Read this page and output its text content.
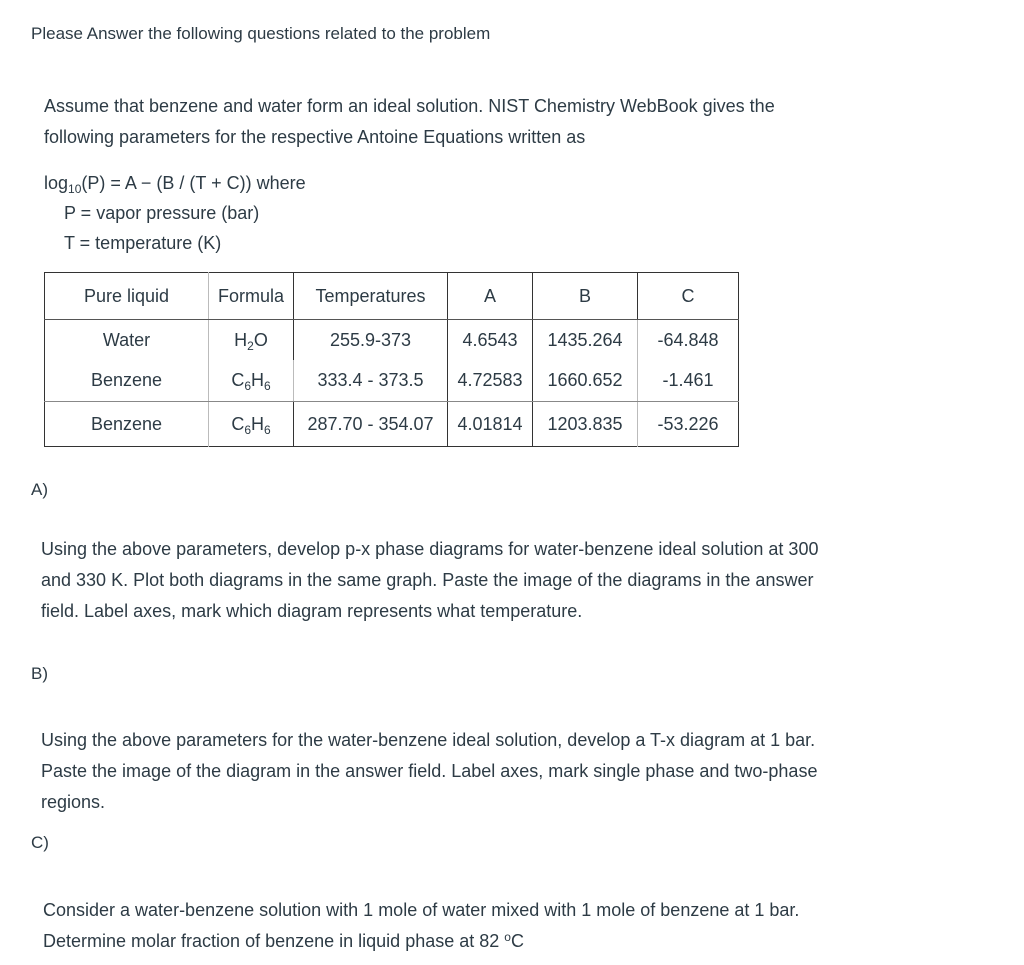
Please Answer the following questions related to the problem
Assume that benzene and water form an ideal solution. NIST Chemistry WebBook gives the
following parameters for the respective Antoine Equations written as
$\log_{10}(P) = A - (B / (T + C))$ where
P = vapor pressure (bar)
T = temperature (K)
Pure liquid	Formula	Temperatures	A	B	C
Water	$H_2O$	255.9-373	4.6543	1435.264	-64.848
Benzene	$C_6H_6$	333.4 - 373.5	4.72583	1660.652	-1.461
Benzene	$C_6H_6$	287.70 - 354.07	4.01814	1203.835	-53.226
A)
Using the above parameters, develop p-x phase diagrams for water-benzene ideal solution at 300
and 330 K. Plot both diagrams in the same graph. Paste the image of the diagrams in the answer
field. Label axes, mark which diagram represents what temperature.
B)
Using the above parameters for the water-benzene ideal solution, develop a T-x diagram at 1 bar.
Paste the image of the diagram in the answer field. Label axes, mark single phase and two-phase
regions.
C)
Consider a water-benzene solution with 1 mole of water mixed with 1 mole of benzene at 1 bar.
Determine molar fraction of benzene in liquid phase at 82 $^o$C
